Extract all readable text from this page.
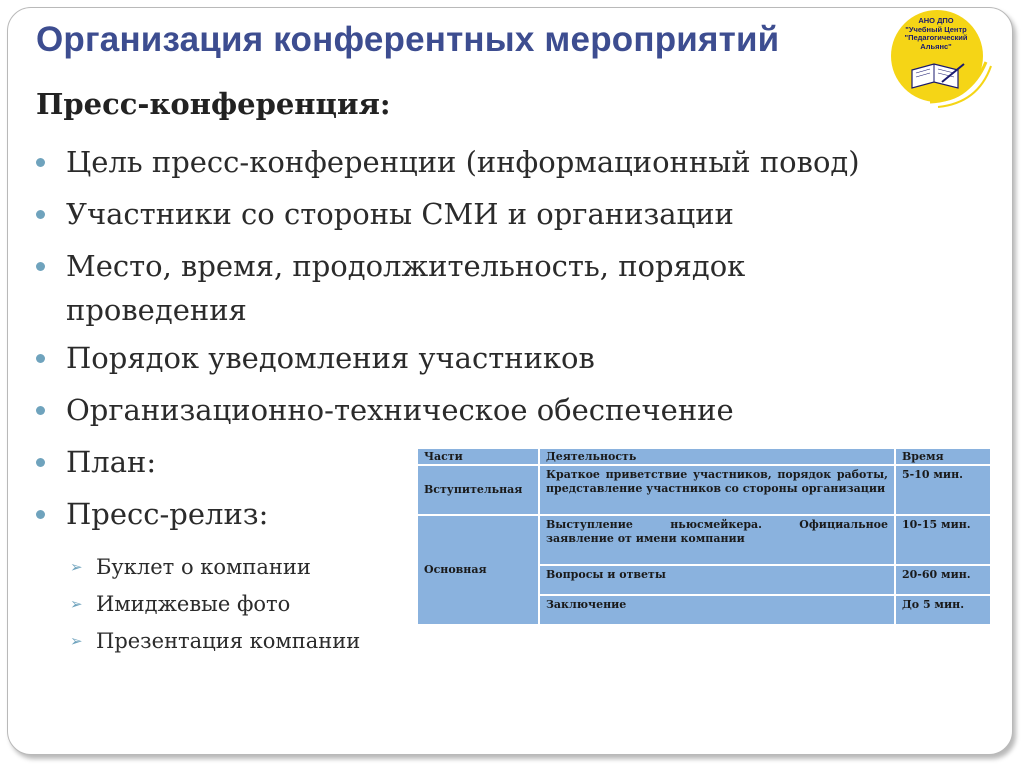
Организация конферентных мероприятий	АНО ДПО
"Учебный Центр
"Педагогический Альянс"
Пресс-конференция:
Цель пресс-конференции (информационный повод)
Участники со стороны СМИ и организации
Место, время, продолжительность, порядок
проведения
Порядок уведомления участников
Организационно-техническое обеспечение
План:
Пресс-релиз:
➢ Буклет о компании
➢ Имиджевые фото
➢ Презентация компании
Части	Деятельность	Время
Вступительная	Краткое приветствие участников, порядок работы, представление участников со стороны организации	5-10 мин.
Основная	Выступление ньюсмейкера. Официальное заявление от имени компании	10-15 мин.
	Вопросы и ответы	20-60 мин.
	Заключение	До 5 мин.
